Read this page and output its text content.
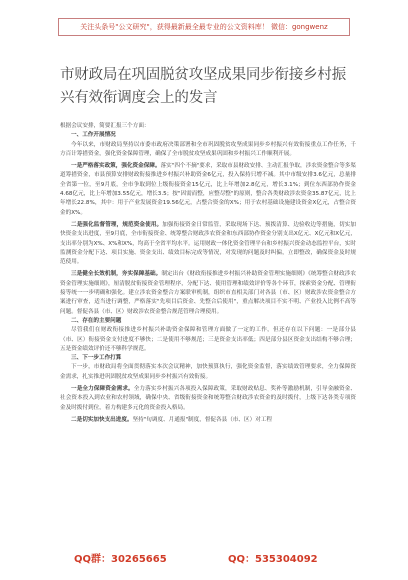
关注头条号"公文研究"，获得最新最全最专业的公文资料库！ 微信：gongwenz
市财政局在巩固脱贫攻坚成果同步衔接乡村振兴有效衔调度会上的发言

根据会议安排，简要汇报三个方面：

一、工作开展情况

今年以来，市财政局坚持以市委市政府决策部署和全市巩固脱贫攻坚成果同步乡村振兴有效衔接重点工作任务，千方百计筹措资金，强化资金保障管理，确保了全市脱贫攻坚成果巩固和乡村振兴工作顺利开展。

一是严格落实政策，强化资金保障。落实"四个不摘"要求，采取市县财政安排、主动汇报争取，涉农资金整合等多渠道筹措资金，市县预算安排财政衔接推进乡村振兴补助资金6亿元，投入保持只增不减。其中市级安排3.6亿元，总量排全省第一位，至9月底，全市争取到位上级衔接资金15亿元，比上年增加2.8亿元，增长3.1%；到位东西部协作资金4.68亿元，比上年增加3.55亿元，增长3.5；按"因需而整，应整尽整"的原则，整合各类财政涉农资金35.87亿元，比上年增长22.8%，其中：用于产业发展资金19.56亿元，占整合资金的X%；用于农村基础设施建设资金X亿元，占整合资金的X%。

二是强化监督管理，规范资金使用。加强衔接资金日常监管，采取现场下达、预拨清算、边验收边等措施，切实加快资金支出进度，至9月底，全市衔接资金、统筹整合财政涉农资金和东西部协作资金分别支出X亿元、X亿元和X亿元，支出率分别为X%、X%和X%，均高于全省平均水平。运用财政一体化资金管理平台和乡村振兴资金动态监控平台，实时监测资金分配下达、项目实施、资金支出、绩效目标完成等情况，对发现的问题及时纠偏，立即整改，确保资金及时规范使用。

三是健全长效机制，夯实保障基础。制定出台《财政衔接推进乡村振兴补助资金管理实施细则》《统筹整合财政涉农资金管理实施细则》，厘清脱贫衔接资金管理程序，分配下达、使用管理和绩效评价等各个环节，探索资金分配、管理衔接等统一一步明确和强化。建立涉农资金整合方案联审机制，组织市直相关部门对各县（市、区）财政涉农资金整合方案进行审查，适当进行调整，严格落实"先项目后资金、先整合后使用"，重点解决项目不实不明、产业投入比例不高等问题。督促各县（市、区）财政涉农资金整合规范管理合理使用。

二、存在的主要问题

尽管我们在财政衔接推进乡村振兴补助资金保障和管理方面做了一定的工作，但还存在以下问题：一是部分县（市、区）衔接资金支付进度不够快；二是使用不够规范；三是资金支出率低；四是部分县区资金支出结构不够合理；五是资金绩效评价还不够科学规范。

三、下一步工作打算

下一步，市财政局将全面贯彻落实本次会议精神，加快预算执行，强化资金监督，落实绩效管理要求，全力保障资金需求，扎实推进巩固脱贫攻坚成果同步乡村振兴有效衔接。

一是全力保障资金需求。全力落实乡村振兴各项投入保障政策，采取财政贴息、奖补等激励机制，引导金融资金、社会资本投入到农业和农村领域，确保中央、省级衔接资金和统筹整合财政涉农资金的及时拨付，上级下达各类专项资金及时拨付到位，着力构建多元化的资金投入格局。

二是切实加快支出进度。坚持"旬调度、月通报"制度，督促各县（市、区）对工程

QQ群：30265665	QQ：535304092
